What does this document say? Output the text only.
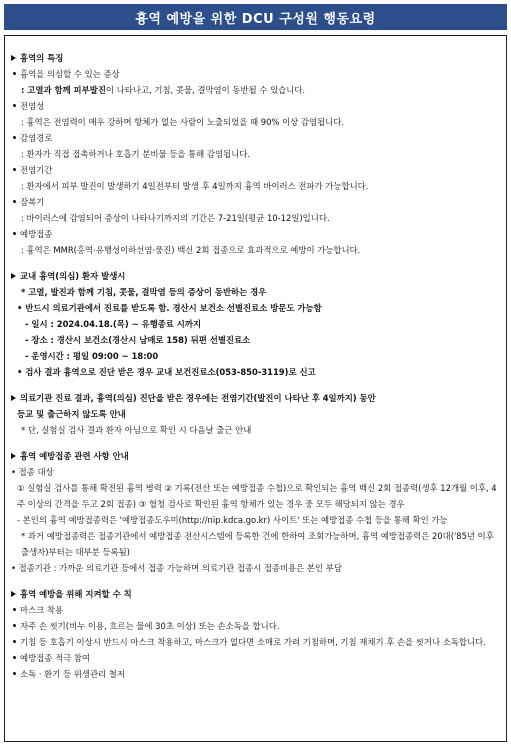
흉역 예방을 위한 DCU 구성원 행동요령
흉역의 특징
흉역을 의심할 수 있는 증상
: 고열과 함께 피부발진이 나타나고, 기침, 콧물, 결막염이 동반될 수 있습니다.
전염성
: 흉역은 전염력이 매우 강하며 항체가 없는 사람이 노출되었을 때 90% 이상 감염됩니다.
감염경로
: 환자가 직접 접촉하거나 호흡기 분비물 등을 통해 감염됩니다.
전염기간
: 환자에서 피부 발진이 발생하기 4일전부터 발생 후 4일까지 흉역 바이러스 전파가 가능합니다.
잠복기
: 바이러스에 감염되어 증상이 나타나기까지의 기간은 7-21일(평균 10-12일)입니다.
예방접종
: 흉역은 MMR(홍역·유행성이하선염·풍진) 백신 2회 접종으로 효과적으로 예방이 가능합니다.
교내 흉역(의심) 환자 발생시
* 고열, 발진과 함께 기침, 콧물, 결막염 등의 증상이 동반하는 경우
• 반드시 의료기관에서 진료를 받도록 함. 경산시 보건소 선별진료소 방문도 가능함
- 일시 : 2024.04.18.(목) ~ 유행종료 시까지
- 장소 : 경산시 보건소(경산시 남매로 158) 뒤편 선별진료소
- 운영시간 : 평일 09:00 ~ 18:00
• 검사 결과 흉역으로 진단 받은 경우 교내 보건진료소(053-850-3119)로 신고
의료기관 진료 결과, 흉역(의심) 진단을 받은 경우에는 전염기간(발진이 나타난 후 4일까지) 동안
등교 및 출근하지 않도록 안내
* 단, 실험실 검사 결과 환자 아님으로 확인 시 다음날 출근 안내
흉역 예방접종 관련 사항 안내
• 접종 대상
① 실험실 검사를 통해 확진된 흉역 병력 ② 기록(전산 또는 예방접종 수첩)으로 확인되는 흉역 백신 2회 접종력(생후 12개월 이후, 4주 이상의 간격을 두고 2회 접종) ③ 혈청 검사로 확인된 흉역 항체가 있는 경우 중 모두 해당되지 않는 경우
- 본인의 흉역 예방접종력은 '예방접종도우미(http://nip.kdca.go.kr) 사이트' 또는 예방접종 수첩 등을 통해 확인 가능
* 과거 예방접종력은 접종기관에서 예방접종 전산시스템에 등록한 건에 한하여 조회가능하며, 흉역 예방접종력은 20대('85년 이후 출생자)부터는 대부분 등록됨)
• 접종기관 : 가까운 의료기관 등에서 접종 가능하며 의료기관 접종시 접종비용은 본인 부담
흉역 예방을 위해 지켜할 수 칙
마스크 착용
자주 손 씻기(비누 이용, 흐르는 물에 30초 이상) 또는 손소독을 합니다.
기침 등 호흡기 이상시 반드시 마스크 착용하고, 마스크가 없다면 소매로 가려 기침하며, 기침 재채기 후 손을 씻거나 소독합니다.
예방접종 적극 참여
소독 · 환기 등 위생관리 철저
